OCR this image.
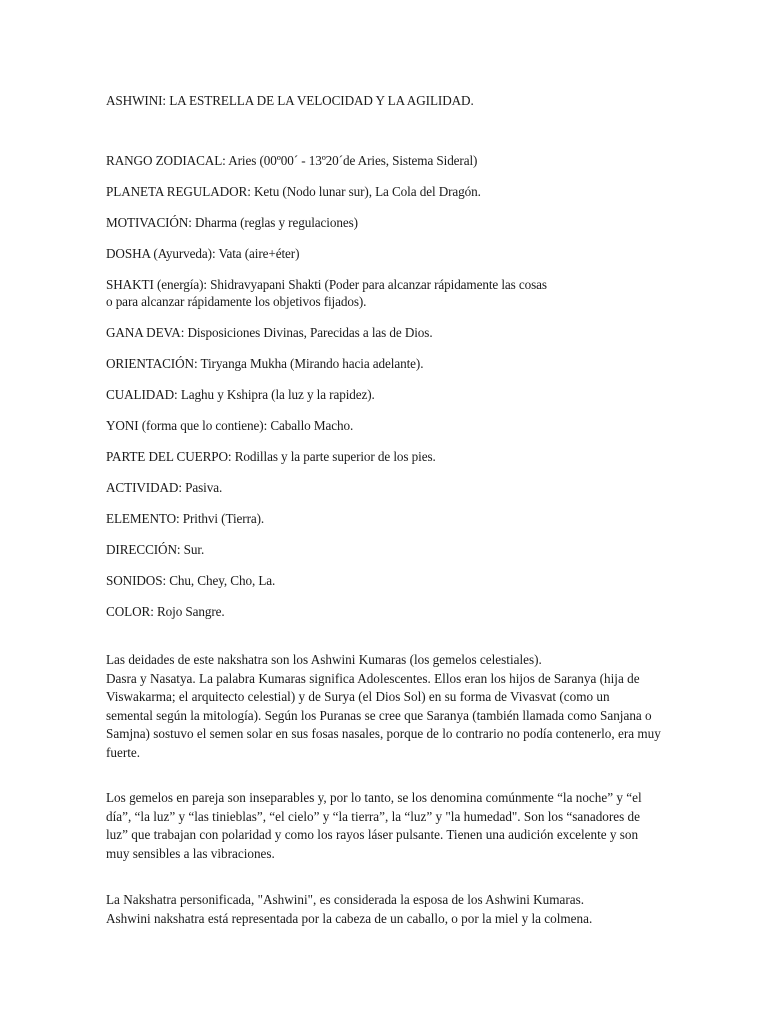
ASHWINI: LA ESTRELLA DE LA VELOCIDAD Y LA AGILIDAD.
RANGO ZODIACAL: Aries (00º00´ - 13º20´de Aries, Sistema Sideral)
PLANETA REGULADOR: Ketu (Nodo lunar sur), La Cola del Dragón.
MOTIVACIÓN: Dharma (reglas y regulaciones)
DOSHA (Ayurveda): Vata (aire+éter)
SHAKTI (energía): Shidravyapani Shakti (Poder para alcanzar rápidamente las cosas
o para alcanzar rápidamente los objetivos fijados).
GANA DEVA: Disposiciones Divinas, Parecidas a las de Dios.
ORIENTACIÓN: Tiryanga Mukha (Mirando hacia adelante).
CUALIDAD: Laghu y Kshipra (la luz y la rapidez).
YONI (forma que lo contiene): Caballo Macho.
PARTE DEL CUERPO: Rodillas y la parte superior de los pies.
ACTIVIDAD: Pasiva.
ELEMENTO: Prithvi (Tierra).
DIRECCIÓN: Sur.
SONIDOS: Chu, Chey, Cho, La.
COLOR: Rojo Sangre.
Las deidades de este nakshatra son los Ashwini Kumaras (los gemelos celestiales).
Dasra y Nasatya. La palabra Kumaras significa Adolescentes. Ellos eran los hijos de Saranya (hija de
Viswakarma; el arquitecto celestial) y de Surya (el Dios Sol) en su forma de Vivasvat (como un
semental según la mitología). Según los Puranas se cree que Saranya (también llamada como Sanjana o
Samjna) sostuvo el semen solar en sus fosas nasales, porque de lo contrario no podía contenerlo, era muy
fuerte.
Los gemelos en pareja son inseparables y, por lo tanto, se los denomina comúnmente “la noche” y “el
día”, “la luz” y “las tinieblas”, “el cielo” y “la tierra”, la “luz” y "la humedad". Son los “sanadores de
luz” que trabajan con polaridad y como los rayos láser pulsante. Tienen una audición excelente y son
muy sensibles a las vibraciones.
La Nakshatra personificada, "Ashwini", es considerada la esposa de los Ashwini Kumaras.
Ashwini nakshatra está representada por la cabeza de un caballo, o por la miel y la colmena.
